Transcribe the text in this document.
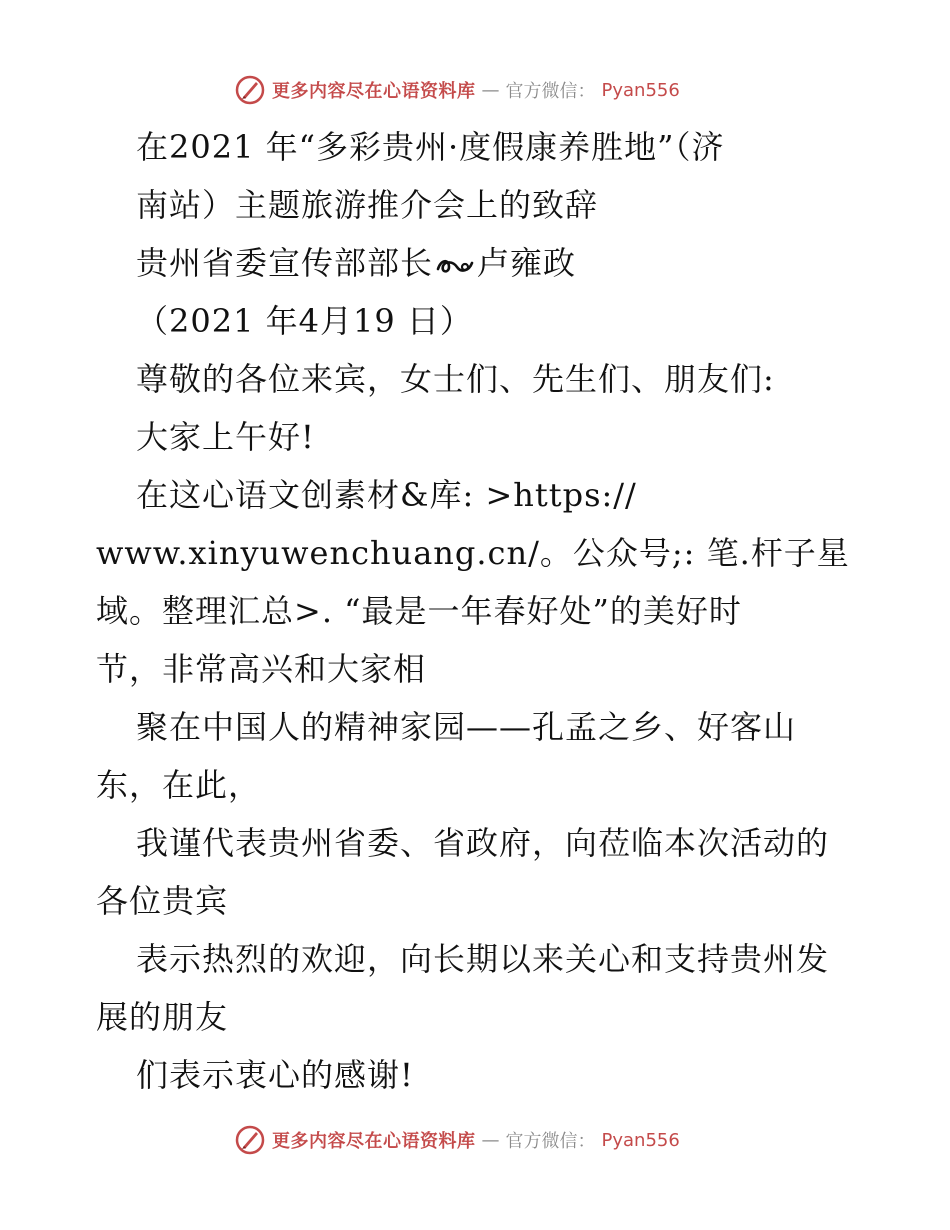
更多内容尽在心语资料库 — 官方微信： Pyan556
在2021 年“多彩贵州·度假康养胜地”（济
南站）主题旅游推介会上的致辞
贵州省委宣传部部长 卢雍政
（2021 年4月19 日）
尊敬的各位来宾，女士们、先生们、朋友们:
大家上午好!
在这心语文创素材&库: >https://
www.xinyuwenchuang.cn/。公众号;: 笔.杆子星
域。整理汇总>. “最是一年春好处”的美好时
节，非常高兴和大家相
聚在中国人的精神家园——孔孟之乡、好客山
东，在此，
我谨代表贵州省委、省政府，向莅临本次活动的
各位贵宾
表示热烈的欢迎，向长期以来关心和支持贵州发
展的朋友
们表示衷心的感谢!
更多内容尽在心语资料库 — 官方微信： Pyan556
